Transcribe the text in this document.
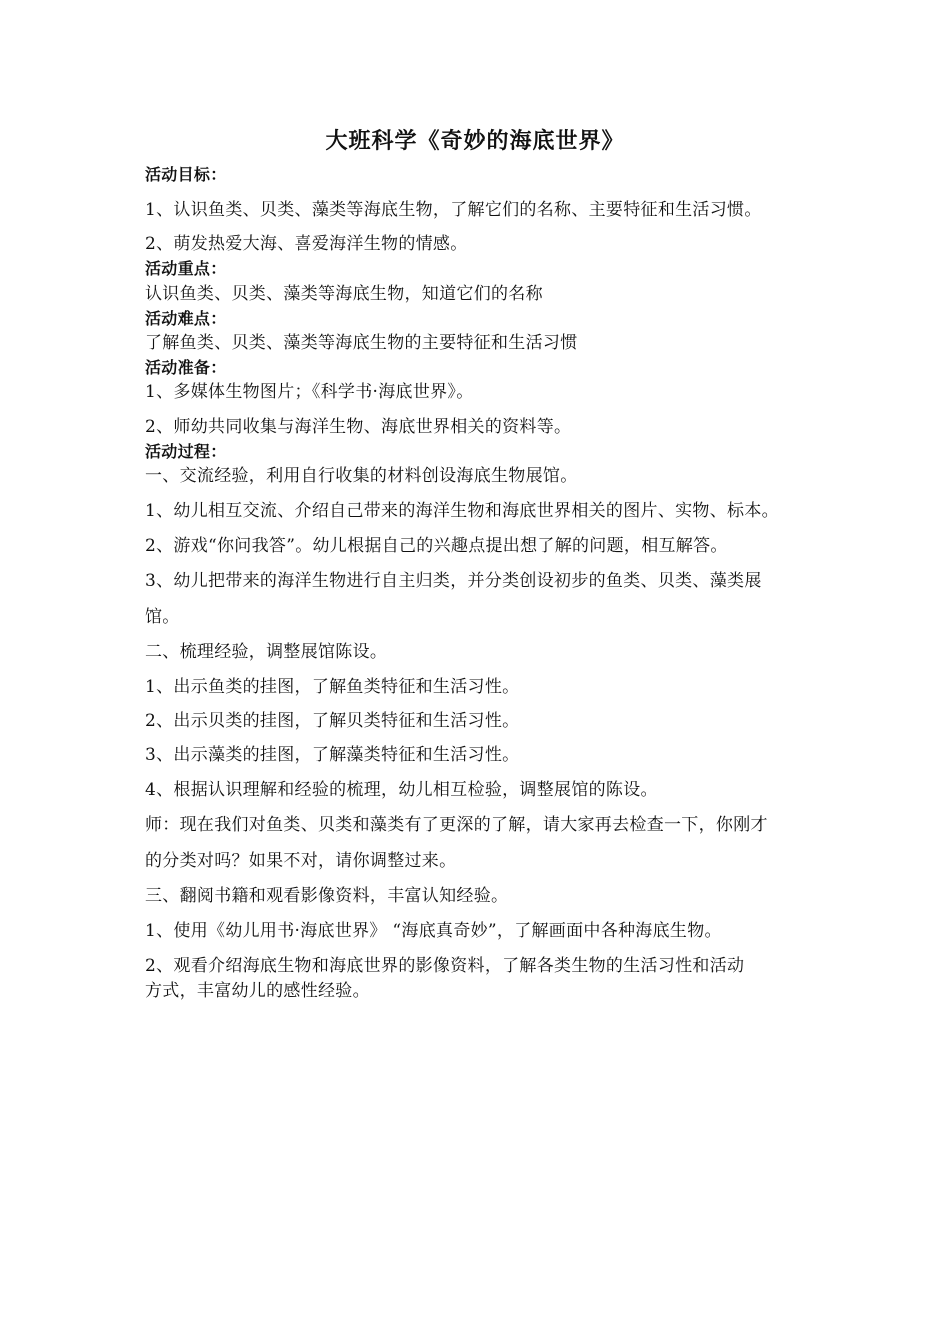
大班科学《奇妙的海底世界》
活动目标：
1、认识鱼类、贝类、藻类等海底生物，了解它们的名称、主要特征和生活习惯。
2、萌发热爱大海、喜爱海洋生物的情感。
活动重点：
认识鱼类、贝类、藻类等海底生物，知道它们的名称
活动难点：
了解鱼类、贝类、藻类等海底生物的主要特征和生活习惯
活动准备：
1、多媒体生物图片；《科学书·海底世界》。
2、师幼共同收集与海洋生物、海底世界相关的资料等。
活动过程：
一、交流经验，利用自行收集的材料创设海底生物展馆。
1、幼儿相互交流、介绍自己带来的海洋生物和海底世界相关的图片、实物、标本。
2、游戏“你问我答”。幼儿根据自己的兴趣点提出想了解的问题，相互解答。
3、幼儿把带来的海洋生物进行自主归类，并分类创设初步的鱼类、贝类、藻类展
馆。
二、梳理经验，调整展馆陈设。
1、出示鱼类的挂图，了解鱼类特征和生活习性。
2、出示贝类的挂图，了解贝类特征和生活习性。
3、出示藻类的挂图，了解藻类特征和生活习性。
4、根据认识理解和经验的梳理，幼儿相互检验，调整展馆的陈设。
师：现在我们对鱼类、贝类和藻类有了更深的了解，请大家再去检查一下，你刚才
的分类对吗？如果不对，请你调整过来。
三、翻阅书籍和观看影像资料，丰富认知经验。
1、使用《幼儿用书·海底世界》 “海底真奇妙”，了解画面中各种海底生物。
2、观看介绍海底生物和海底世界的影像资料，了解各类生物的生活习性和活动
方式，丰富幼儿的感性经验。
